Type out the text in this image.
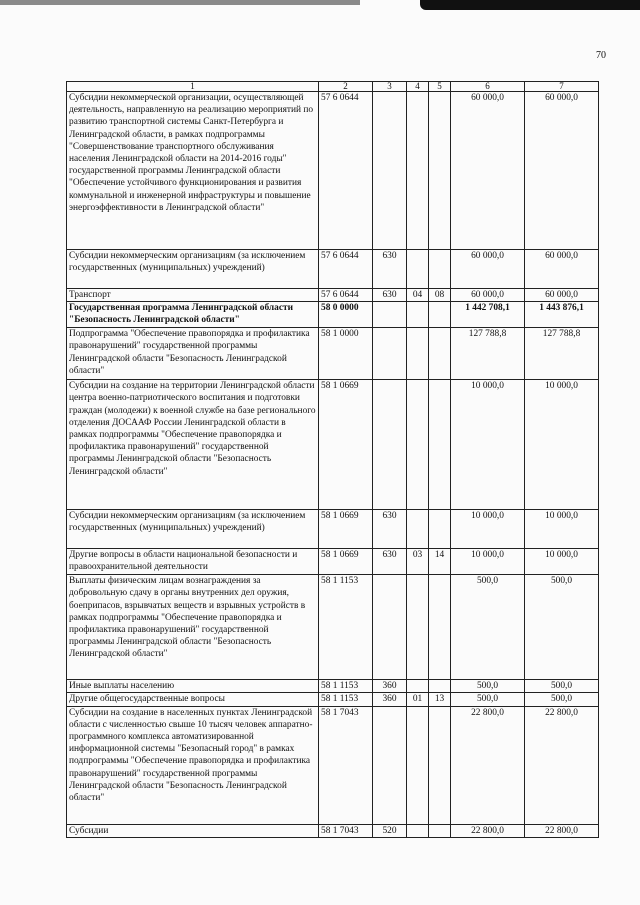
70
1	2	3	4	5	6	7
Субсидии некоммерческой организации, осуществляющей деятельность, направленную на реализацию мероприятий по развитию транспортной системы Санкт-Петербурга и Ленинградской области, в рамках подпрограммы "Совершенствование транспортного обслуживания населения Ленинградской области на 2014-2016 годы" государственной программы Ленинградской области "Обеспечение устойчивого функционирования и развития коммунальной и инженерной инфраструктуры и повышение энергоэффективности в Ленинградской области"	57 6 0644				60 000,0	60 000,0
Субсидии некоммерческим организациям (за исключением государственных (муниципальных) учреждений)	57 6 0644	630			60 000,0	60 000,0
Транспорт	57 6 0644	630	04	08	60 000,0	60 000,0
Государственная программа Ленинградской области "Безопасность Ленинградской области"	58 0 0000				1 442 708,1	1 443 876,1
Подпрограмма "Обеспечение правопорядка и профилактика правонарушений" государственной программы Ленинградской области "Безопасность Ленинградской области"	58 1 0000				127 788,8	127 788,8
Субсидии на создание на территории Ленинградской области центра военно-патриотического воспитания и подготовки граждан (молодежи) к военной службе на базе регионального отделения ДОСААФ России Ленинградской области в рамках подпрограммы "Обеспечение правопорядка и профилактика правонарушений" государственной программы Ленинградской области "Безопасность Ленинградской области"	58 1 0669				10 000,0	10 000,0
Субсидии некоммерческим организациям (за исключением государственных (муниципальных) учреждений)	58 1 0669	630			10 000,0	10 000,0
Другие вопросы в области национальной безопасности и правоохранительной деятельности	58 1 0669	630	03	14	10 000,0	10 000,0
Выплаты физическим лицам вознаграждения за добровольную сдачу в органы внутренних дел оружия, боеприпасов, взрывчатых веществ и взрывных устройств в рамках подпрограммы "Обеспечение правопорядка и профилактика правонарушений" государственной программы Ленинградской области "Безопасность Ленинградской области"	58 1 1153				500,0	500,0
Иные выплаты населению	58 1 1153	360			500,0	500,0
Другие общегосударственные вопросы	58 1 1153	360	01	13	500,0	500,0
Субсидии на создание в населенных пунктах Ленинградской области с численностью свыше 10 тысяч человек аппаратно-программного комплекса автоматизированной информационной системы "Безопасный город" в рамках подпрограммы "Обеспечение правопорядка и профилактика правонарушений" государственной программы Ленинградской области "Безопасность Ленинградской области"	58 1 7043				22 800,0	22 800,0
Субсидии	58 1 7043	520			22 800,0	22 800,0
